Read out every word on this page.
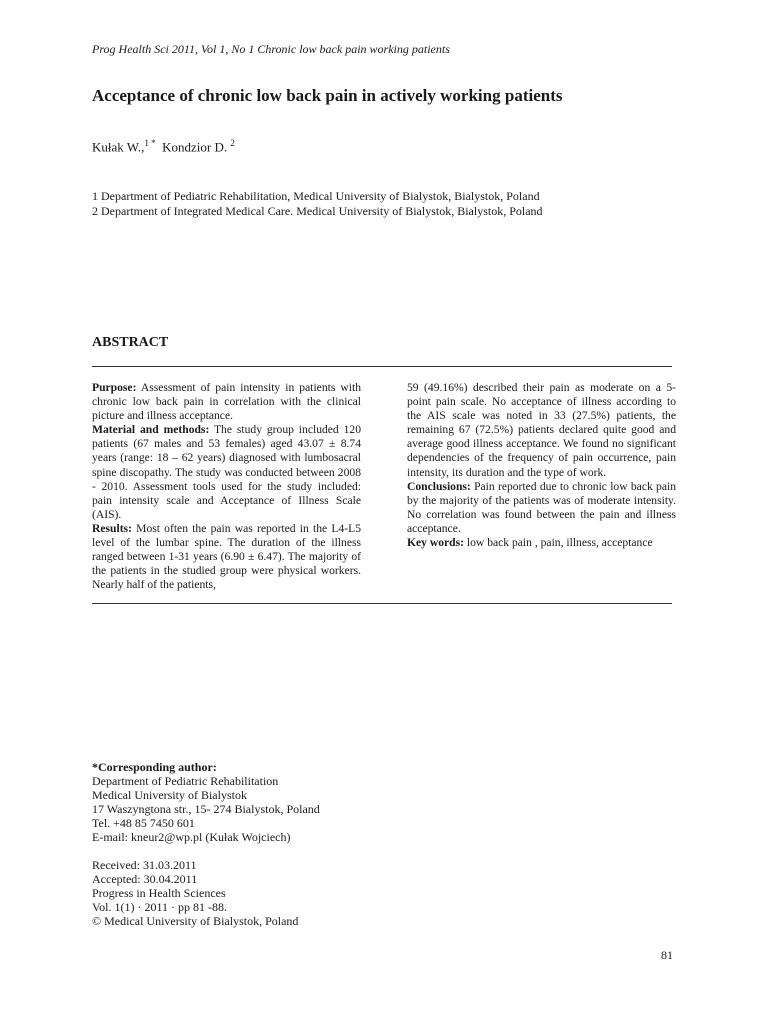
Prog Health Sci 2011, Vol 1, No 1 Chronic low back pain working patients
Acceptance of chronic low back pain in actively working patients
Kułak W.,$^{1 *}$ Kondzior D. $^2$
1 Department of Pediatric Rehabilitation, Medical University of Bialystok, Bialystok, Poland
2 Department of Integrated Medical Care. Medical University of Bialystok, Bialystok, Poland
ABSTRACT

Purpose: Assessment of pain intensity in patients with chronic low back pain in correlation with the clinical picture and illness acceptance.

Material and methods: The study group included 120 patients (67 males and 53 females) aged 43.07 ± 8.74 years (range: 18 – 62 years) diagnosed with lumbosacral spine discopathy. The study was conducted between 2008 - 2010. Assessment tools used for the study included: pain intensity scale and Acceptance of Illness Scale (AIS).

Results: Most often the pain was reported in the L4-L5 level of the lumbar spine. The duration of the illness ranged between 1-31 years (6.90 ± 6.47). The majority of the patients in the studied group were physical workers. Nearly half of the patients,

59 (49.16%) described their pain as moderate on a 5-point pain scale. No acceptance of illness according to the AIS scale was noted in 33 (27.5%) patients, the remaining 67 (72.5%) patients declared quite good and average good illness acceptance. We found no significant dependencies of the frequency of pain occurrence, pain intensity, its duration and the type of work.

Conclusions: Pain reported due to chronic low back pain by the majority of the patients was of moderate intensity. No correlation was found between the pain and illness acceptance.

Key words: low back pain , pain, illness, acceptance

*Corresponding author:
Department of Pediatric Rehabilitation
Medical University of Bialystok
17 Waszyngtona str., 15- 274 Bialystok, Poland
Tel. +48 85 7450 601
E-mail: kneur2@wp.pl (Kułak Wojciech)
Received: 31.03.2011
Accepted: 30.04.2011
Progress in Health Sciences
Vol. 1(1) · 2011 · pp 81 -88.
© Medical University of Bialystok, Poland
81
